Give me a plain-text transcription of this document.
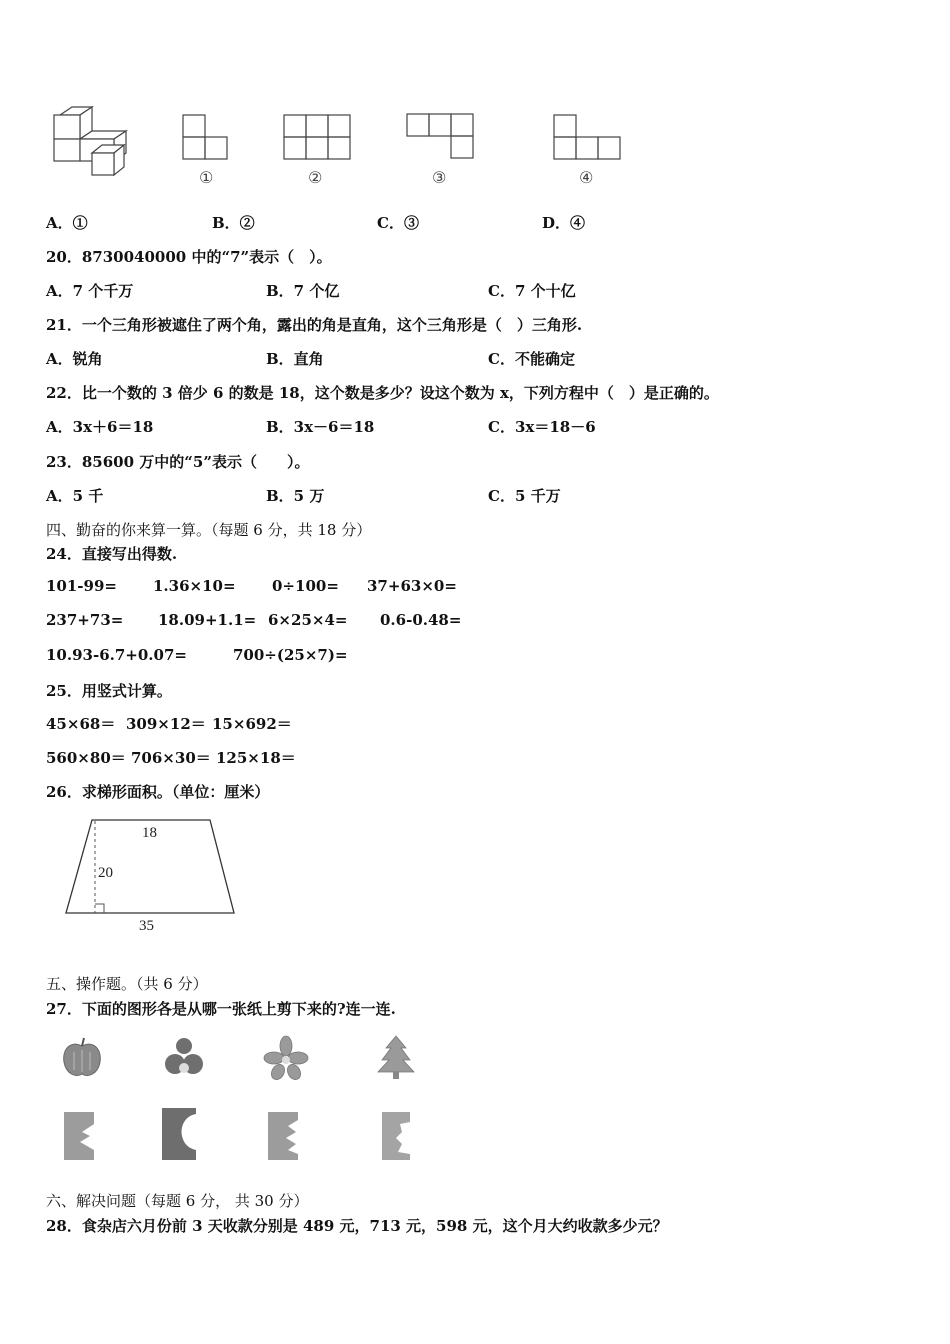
①	②	③	④
A．①	B．②	C．③	D．④
20．8730040000 中的“7”表示（　）。
A．7 个千万	B．7 个亿	C．7 个十亿
21．一个三角形被遮住了两个角，露出的角是直角，这个三角形是（　）三角形.
A．锐角	B．直角	C．不能确定
22．比一个数的 3 倍少 6 的数是 18，这个数是多少？设这个数为 x，下列方程中（　）是正确的。
A．3x＋6＝18	B．3x－6＝18	C．3x＝18－6
23．85600 万中的“5”表示（　　）。
A．5 千	B．5 万	C．5 千万
四、勤奋的你来算一算。（每题 6 分，共 18 分）
24．直接写出得数.
101-99= 1.36×10= 0÷100= 37+63×0=
237+73= 18.09+1.1= 6×25×4= 0.6-0.48=
10.93-6.7+0.07=	700÷(25×7)=
25．用竖式计算。
45×68＝ 309×12＝ 15×692＝
560×80＝ 706×30＝ 125×18＝
26．求梯形面积。（单位：厘米）
18
20
35
五、操作题。（共 6 分）
27．下面的图形各是从哪一张纸上剪下来的?连一连.
六、解决问题（每题 6 分， 共 30 分）
28．食杂店六月份前 3 天收款分别是 489 元，713 元，598 元，这个月大约收款多少元？
